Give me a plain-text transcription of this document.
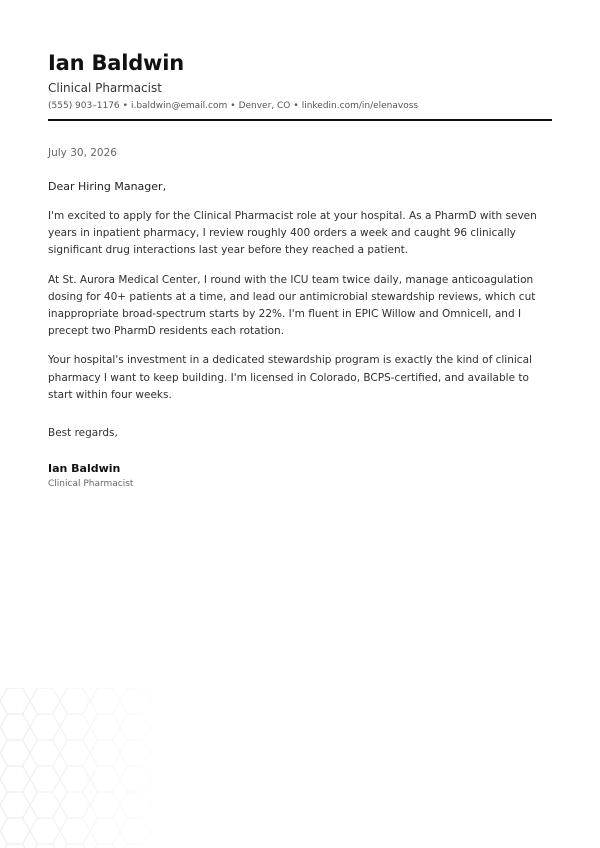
Ian Baldwin
Clinical Pharmacist
(555) 903–1176 • i.baldwin@email.com • Denver, CO • linkedin.com/in/elenavoss
July 30, 2026
Dear Hiring Manager,

I'm excited to apply for the Clinical Pharmacist role at your hospital. As a PharmD with seven years in inpatient pharmacy, I review roughly 400 orders a week and caught 96 clinically significant drug interactions last year before they reached a patient.

At St. Aurora Medical Center, I round with the ICU team twice daily, manage anticoagulation dosing for 40+ patients at a time, and lead our antimicrobial stewardship reviews, which cut inappropriate broad-spectrum starts by 22%. I'm fluent in EPIC Willow and Omnicell, and I precept two PharmD residents each rotation.

Your hospital's investment in a dedicated stewardship program is exactly the kind of clinical pharmacy I want to keep building. I'm licensed in Colorado, BCPS-certified, and available to start within four weeks.

Best regards,
Ian Baldwin
Clinical Pharmacist
